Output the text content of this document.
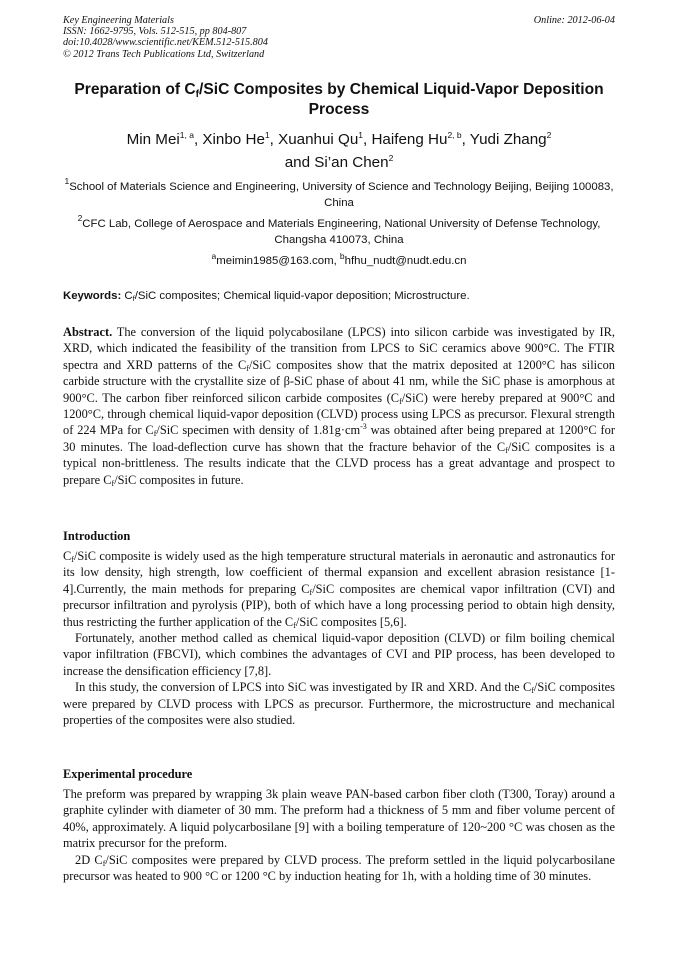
Key Engineering Materials
ISSN: 1662-9795, Vols. 512-515, pp 804-807
doi:10.4028/www.scientific.net/KEM.512-515.804
© 2012 Trans Tech Publications Ltd, Switzerland
Online: 2012-06-04
Preparation of $C_f$/SiC Composites by Chemical Liquid-Vapor Deposition Process
Min Mei$^{1, a}$, Xinbo He$^1$, Xuanhui Qu$^1$, Haifeng Hu$^{2, b}$, Yudi Zhang$^2$
and Si’an Chen$^2$
$^1$School of Materials Science and Engineering, University of Science and Technology Beijing, Beijing 100083, China
$^2$CFC Lab, College of Aerospace and Materials Engineering, National University of Defense Technology, Changsha 410073, China
$^a$meimin1985@163.com, $^b$hfhu_nudt@nudt.edu.cn
Keywords: $C_f$/SiC composites; Chemical liquid-vapor deposition; Microstructure.
Abstract. The conversion of the liquid polycabosilane (LPCS) into silicon carbide was investigated by IR, XRD, which indicated the feasibility of the transition from LPCS to SiC ceramics above 900°C. The FTIR spectra and XRD patterns of the $C_f$/SiC composites show that the matrix deposited at 1200°C has silicon carbide structure with the crystallite size of β-SiC phase of about 41 nm, while the SiC phase is amorphous at 900°C. The carbon fiber reinforced silicon carbide composites $(C_f/SiC)$ were hereby prepared at 900°C and 1200°C, through chemical liquid-vapor deposition (CLVD) process using LPCS as precursor. Flexural strength of 224 MPa for $C_f$/SiC specimen with density of $1.81g\cdot cm^{-3}$ was obtained after being prepared at 1200°C for 30 minutes. The load-deflection curve has shown that the fracture behavior of the $C_f$/SiC composites is a typical non-brittleness. The results indicate that the CLVD process has a great advantage and prospect to prepare $C_f$/SiC composites in future.
Introduction
$C_f$/SiC composite is widely used as the high temperature structural materials in aeronautic and astronautics for its low density, high strength, low coefficient of thermal expansion and excellent abrasion resistance [1-4].Currently, the main methods for preparing $C_f$/SiC composites are chemical vapor infiltration (CVI) and precursor infiltration and pyrolysis (PIP), both of which have a long processing period to obtain high density, thus restricting the further application of the $C_f$/SiC composites [5,6].
Fortunately, another method called as chemical liquid-vapor deposition (CLVD) or film boiling chemical vapor infiltration (FBCVI), which combines the advantages of CVI and PIP process, has been developed to increase the densification efficiency [7,8].
In this study, the conversion of LPCS into SiC was investigated by IR and XRD. And the $C_f$/SiC composites were prepared by CLVD process with LPCS as precursor. Furthermore, the microstructure and mechanical properties of the composites were also studied.
Experimental procedure
The preform was prepared by wrapping 3k plain weave PAN-based carbon fiber cloth (T300, Toray) around a graphite cylinder with diameter of 30 mm. The preform had a thickness of 5 mm and fiber volume percent of 40%, approximately. A liquid polycarbosilane [9] with a boiling temperature of 120~200 °C was chosen as the matrix precursor for the preform.
2D $C_f$/SiC composites were prepared by CLVD process. The preform settled in the liquid polycarbosilane precursor was heated to 900 °C or 1200 °C by induction heating for 1h, with a holding time of 30 minutes.
